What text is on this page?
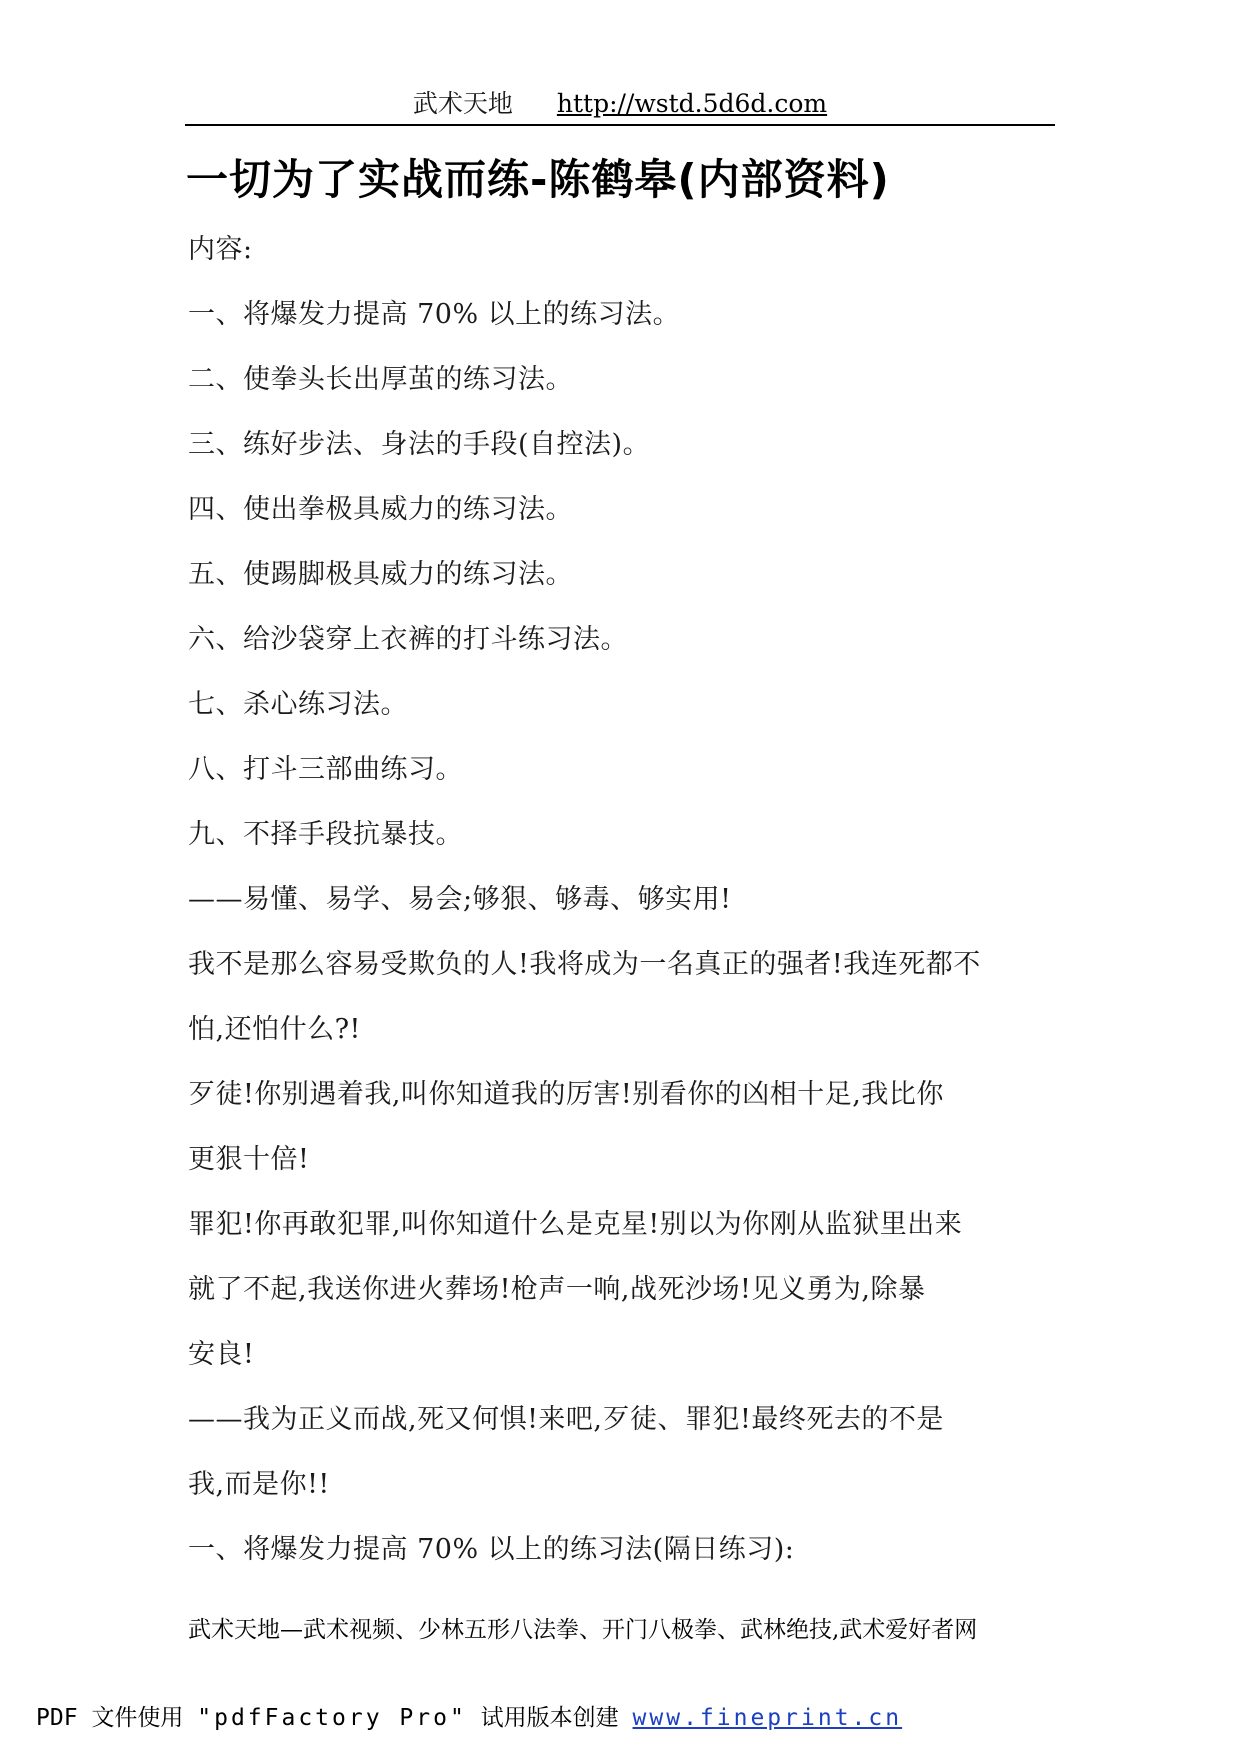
武术天地 http://wstd.5d6d.com
一切为了实战而练-陈鹤皋(内部资料)
内容:
一、将爆发力提高 70% 以上的练习法。
二、使拳头长出厚茧的练习法。
三、练好步法、身法的手段(自控法)。
四、使出拳极具威力的练习法。
五、使踢脚极具威力的练习法。
六、给沙袋穿上衣裤的打斗练习法。
七、杀心练习法。
八、打斗三部曲练习。
九、不择手段抗暴技。
——易懂、易学、易会;够狠、够毒、够实用!
我不是那么容易受欺负的人!我将成为一名真正的强者!我连死都不
怕,还怕什么?!
歹徒!你别遇着我,叫你知道我的厉害!别看你的凶相十足,我比你
更狠十倍!
罪犯!你再敢犯罪,叫你知道什么是克星!别以为你刚从监狱里出来
就了不起,我送你进火葬场!枪声一响,战死沙场!见义勇为,除暴
安良!
——我为正义而战,死又何惧!来吧,歹徒、罪犯!最终死去的不是
我,而是你!!
一、将爆发力提高 70% 以上的练习法(隔日练习):
武术天地—武术视频、少林五形八法拳、开门八极拳、武林绝技,武术爱好者网
PDF 文件使用 "pdfFactory Pro" 试用版本创建 www.fineprint.cn
